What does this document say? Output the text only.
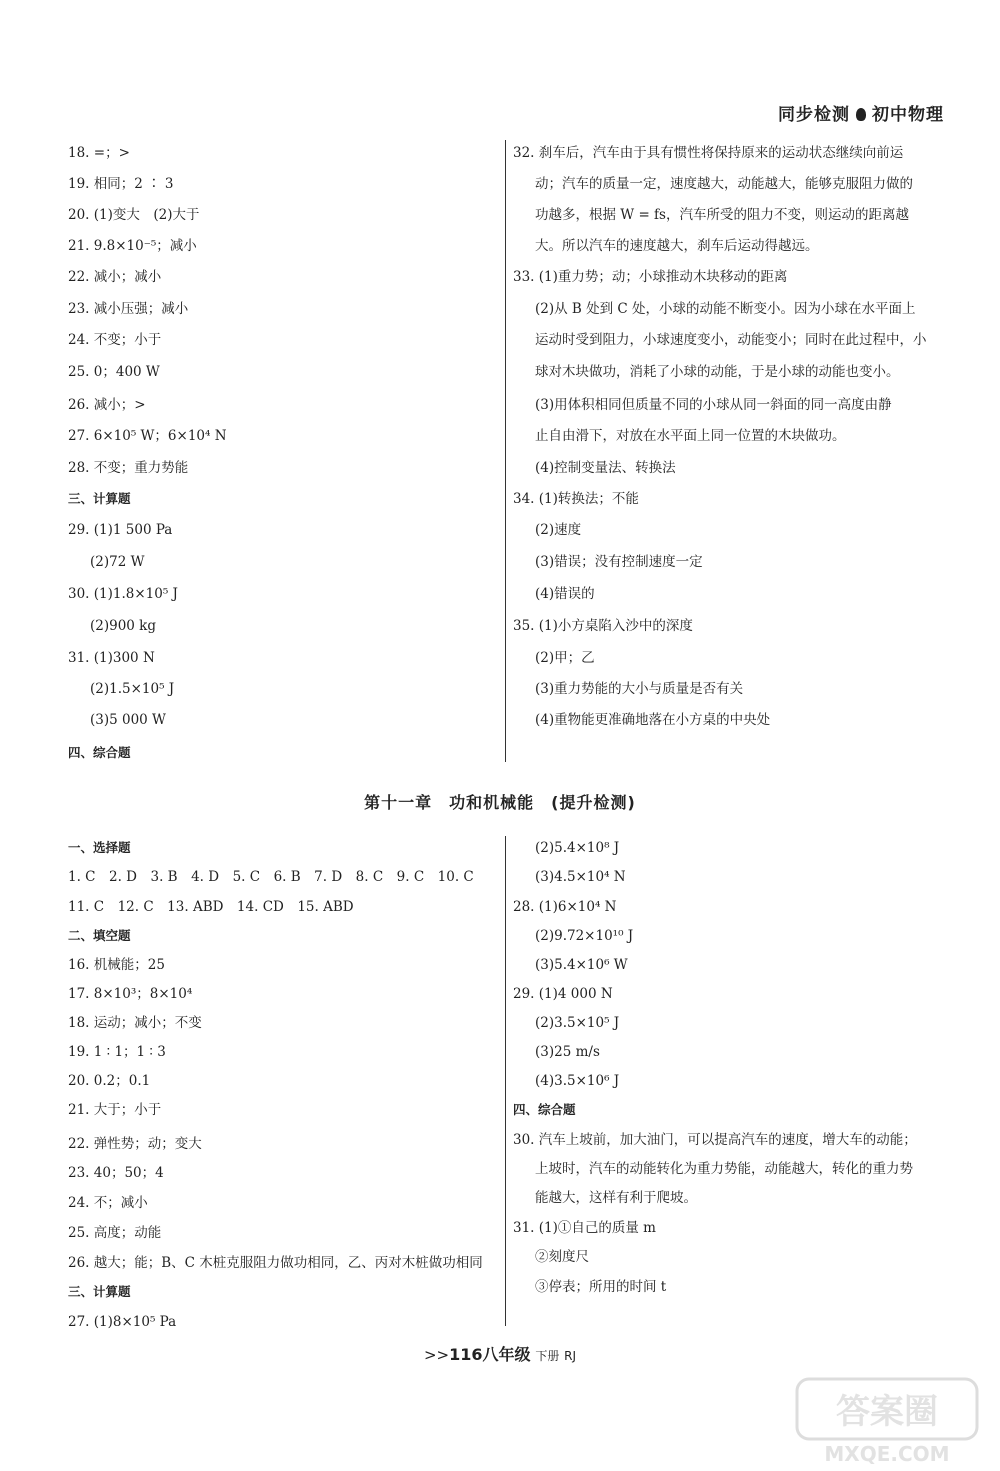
同步检测 初中物理
18. =；>
19. 相同；2 ∶ 3
20. (1)变大　(2)大于
21. 9.8×10⁻⁵；减小
22. 减小；减小
23. 减小压强；减小
24. 不变；小于
25. 0；400 W
26. 减小；>
27. 6×10⁵ W；6×10⁴ N
28. 不变；重力势能
三、计算题
29. (1)1 500 Pa
(2)72 W
30. (1)1.8×10⁵ J
(2)900 kg
31. (1)300 N
(2)1.5×10⁵ J
(3)5 000 W
四、综合题
32. 刹车后，汽车由于具有惯性将保持原来的运动状态继续向前运
动；汽车的质量一定，速度越大，动能越大，能够克服阻力做的
功越多，根据 W = fs，汽车所受的阻力不变，则运动的距离越
大。所以汽车的速度越大，刹车后运动得越远。
33. (1)重力势；动；小球推动木块移动的距离
(2)从 B 处到 C 处，小球的动能不断变小。因为小球在水平面上
运动时受到阻力，小球速度变小，动能变小；同时在此过程中，小
球对木块做功，消耗了小球的动能，于是小球的动能也变小。
(3)用体积相同但质量不同的小球从同一斜面的同一高度由静
止自由滑下，对放在水平面上同一位置的木块做功。
(4)控制变量法、转换法
34. (1)转换法；不能
(2)速度
(3)错误；没有控制速度一定
(4)错误的
35. (1)小方桌陷入沙中的深度
(2)甲；乙
(3)重力势能的大小与质量是否有关
(4)重物能更准确地落在小方桌的中央处
第十一章　功和机械能　(提升检测)
一、选择题
1. C　2. D　3. B　4. D　5. C　6. B　7. D　8. C　9. C　10. C
11. C　12. C　13. ABD　14. CD　15. ABD
二、填空题
16. 机械能；25
17. 8×10³；8×10⁴
18. 运动；减小；不变
19. 1 ∶ 1；1 ∶ 3
20. 0.2；0.1
21. 大于；小于
22. 弹性势；动；变大
23. 40；50；4
24. 不；减小
25. 高度；动能
26. 越大；能；B、C 木桩克服阻力做功相同，乙、丙对木桩做功相同
三、计算题
27. (1)8×10⁵ Pa
(2)5.4×10⁸ J
(3)4.5×10⁴ N
28. (1)6×10⁴ N
(2)9.72×10¹⁰ J
(3)5.4×10⁶ W
29. (1)4 000 N
(2)3.5×10⁵ J
(3)25 m/s
(4)3.5×10⁶ J
四、综合题
30. 汽车上坡前，加大油门，可以提高汽车的速度，增大车的动能；
上坡时，汽车的动能转化为重力势能，动能越大，转化的重力势
能越大，这样有利于爬坡。
31. (1)①自己的质量 m
②刻度尺
③停表；所用的时间 t
>>116八年级 下册 RJ
答案圈
MXQE.COM
